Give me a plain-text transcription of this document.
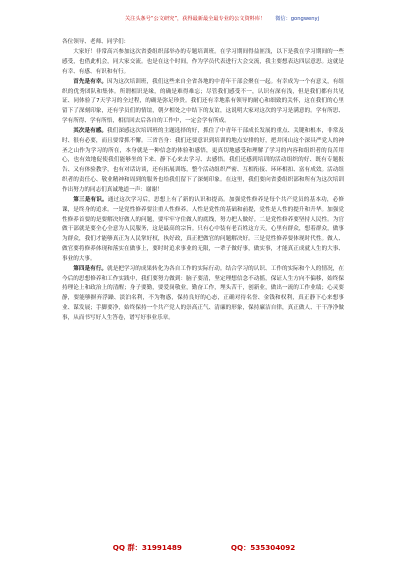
关注头条号“公文研究”，获得最新最全最专业的公文资料库！ 微信：gongwenyj

各位领导、老师、同学们：

大家好！非常高兴参加这次省委组织部举办的专题培训班。在学习期间得益匪浅，以下是我在学习期间的一些感受，也借此机会，同大家交流。也是在这个时间，作为学员代表进行大会交流，我主要想表达四层意思。这就是有幸、有感、有识和有行。

首先是有幸。因为这次培训班，我们这些来自全省各地的中青年干部会聚在一起。有幸成为一个有意义，有组织的优秀团队和集体。所谓相识是缘，的确是难得难忘；尽管我们感受不一，认识有深有浅，但是我们都有共见证、同体验了7天学习的全过程，的确是弥足珍贵。我们还有幸地系有领导的耐心和细致的关怀，这在我们的心里留下了深刻印象，还有学员们的情谊，朝夕相处之中结下的友谊，这说明大家对这次的学习是满意的。学有所思、学有所得、学有所悟，相信回去后各自的工作中，一定会学有所成。

其次是有感。我们深感这次培训班的主题选择的好，抓住了中青年干部成长发展的重点、关键和根本，非常及时、很有必要，而且要常抓不懈。三省吾身：我们还要意识到培训的地点安排的好，把井冈山这个深具严党人的神圣之山作为学习的所在，本身就是一种信念的体验和感悟，更真切地感受和理解了学习的内容和组织者的良苦用心，也有效地促使我们能够坐的下来、静下心来去学习、去感悟。我们还感到培训的活动组织的好、既有专题报告、又有体验教学，也有对话访谈，还有拓展训练，整个活动组织严密、互相衔接、环环相扣、富有成效。活动组织者的责任心、敬业精神和周到的服务也给我们留下了深刻印象。在这里，我们要向省委组织部和所有为这次培训作出努力的同志们真诚地道一声：谢谢！

第三是有识。通过这次学习后，思想上有了新的认识和提高。加强党性修养是每个共产党员的基本功，必修课，是终身的追求。一是党性修养要注重人性修养。人性是党性的基础和前提，党性是人性的提升和升华。加强党性修养首要的是要解决好做人的问题，要牢牢守住做人的底线，努力把人做好。二是党性修养要坚持人民性。为官做干部就是要全心全意为人民服务，这是最高的宗旨。只有心中装有老百姓这方天，心里有群众，想着群众，做事为群众，我们才能够真正为人民掌好权，执好政，真正把做官的问题解决好。三是党性修养要体现时代性。做人、做官要将修养体现和落实在做事上，要时时追求事业的无限，一辈子做好事，做实事，才能真正成就人生的大事、事业的大事。

第四是有行。就是把学习的成果转化为各自工作的实际行动。结合学习的认识、工作的实际和个人的情况，在今后的思想修养和工作实践中，我们要努力做到：脑子要清，坚定理想信念不动摇，保证人生方向不偏移，始终保持理论上和政治上的清醒；身子要勤，要爱岗敬业，勤奋工作，埋头苦干，创新业，做出一流的工作业绩；心灵要静，要能够摒弃浮躁、淡泊名利，不为物惑，保持良好的心态，正确对待名誉、金钱和权利，真正静下心来想事业、谋发展；手脚要净，始终保持一个共产党人的崇高正气、清廉的形象，保持廉洁自律，真正做人、干干净净做事，从而书写好人生答卷，谱写好事业乐章。

QQ 群：31991489	QQ：535304092
